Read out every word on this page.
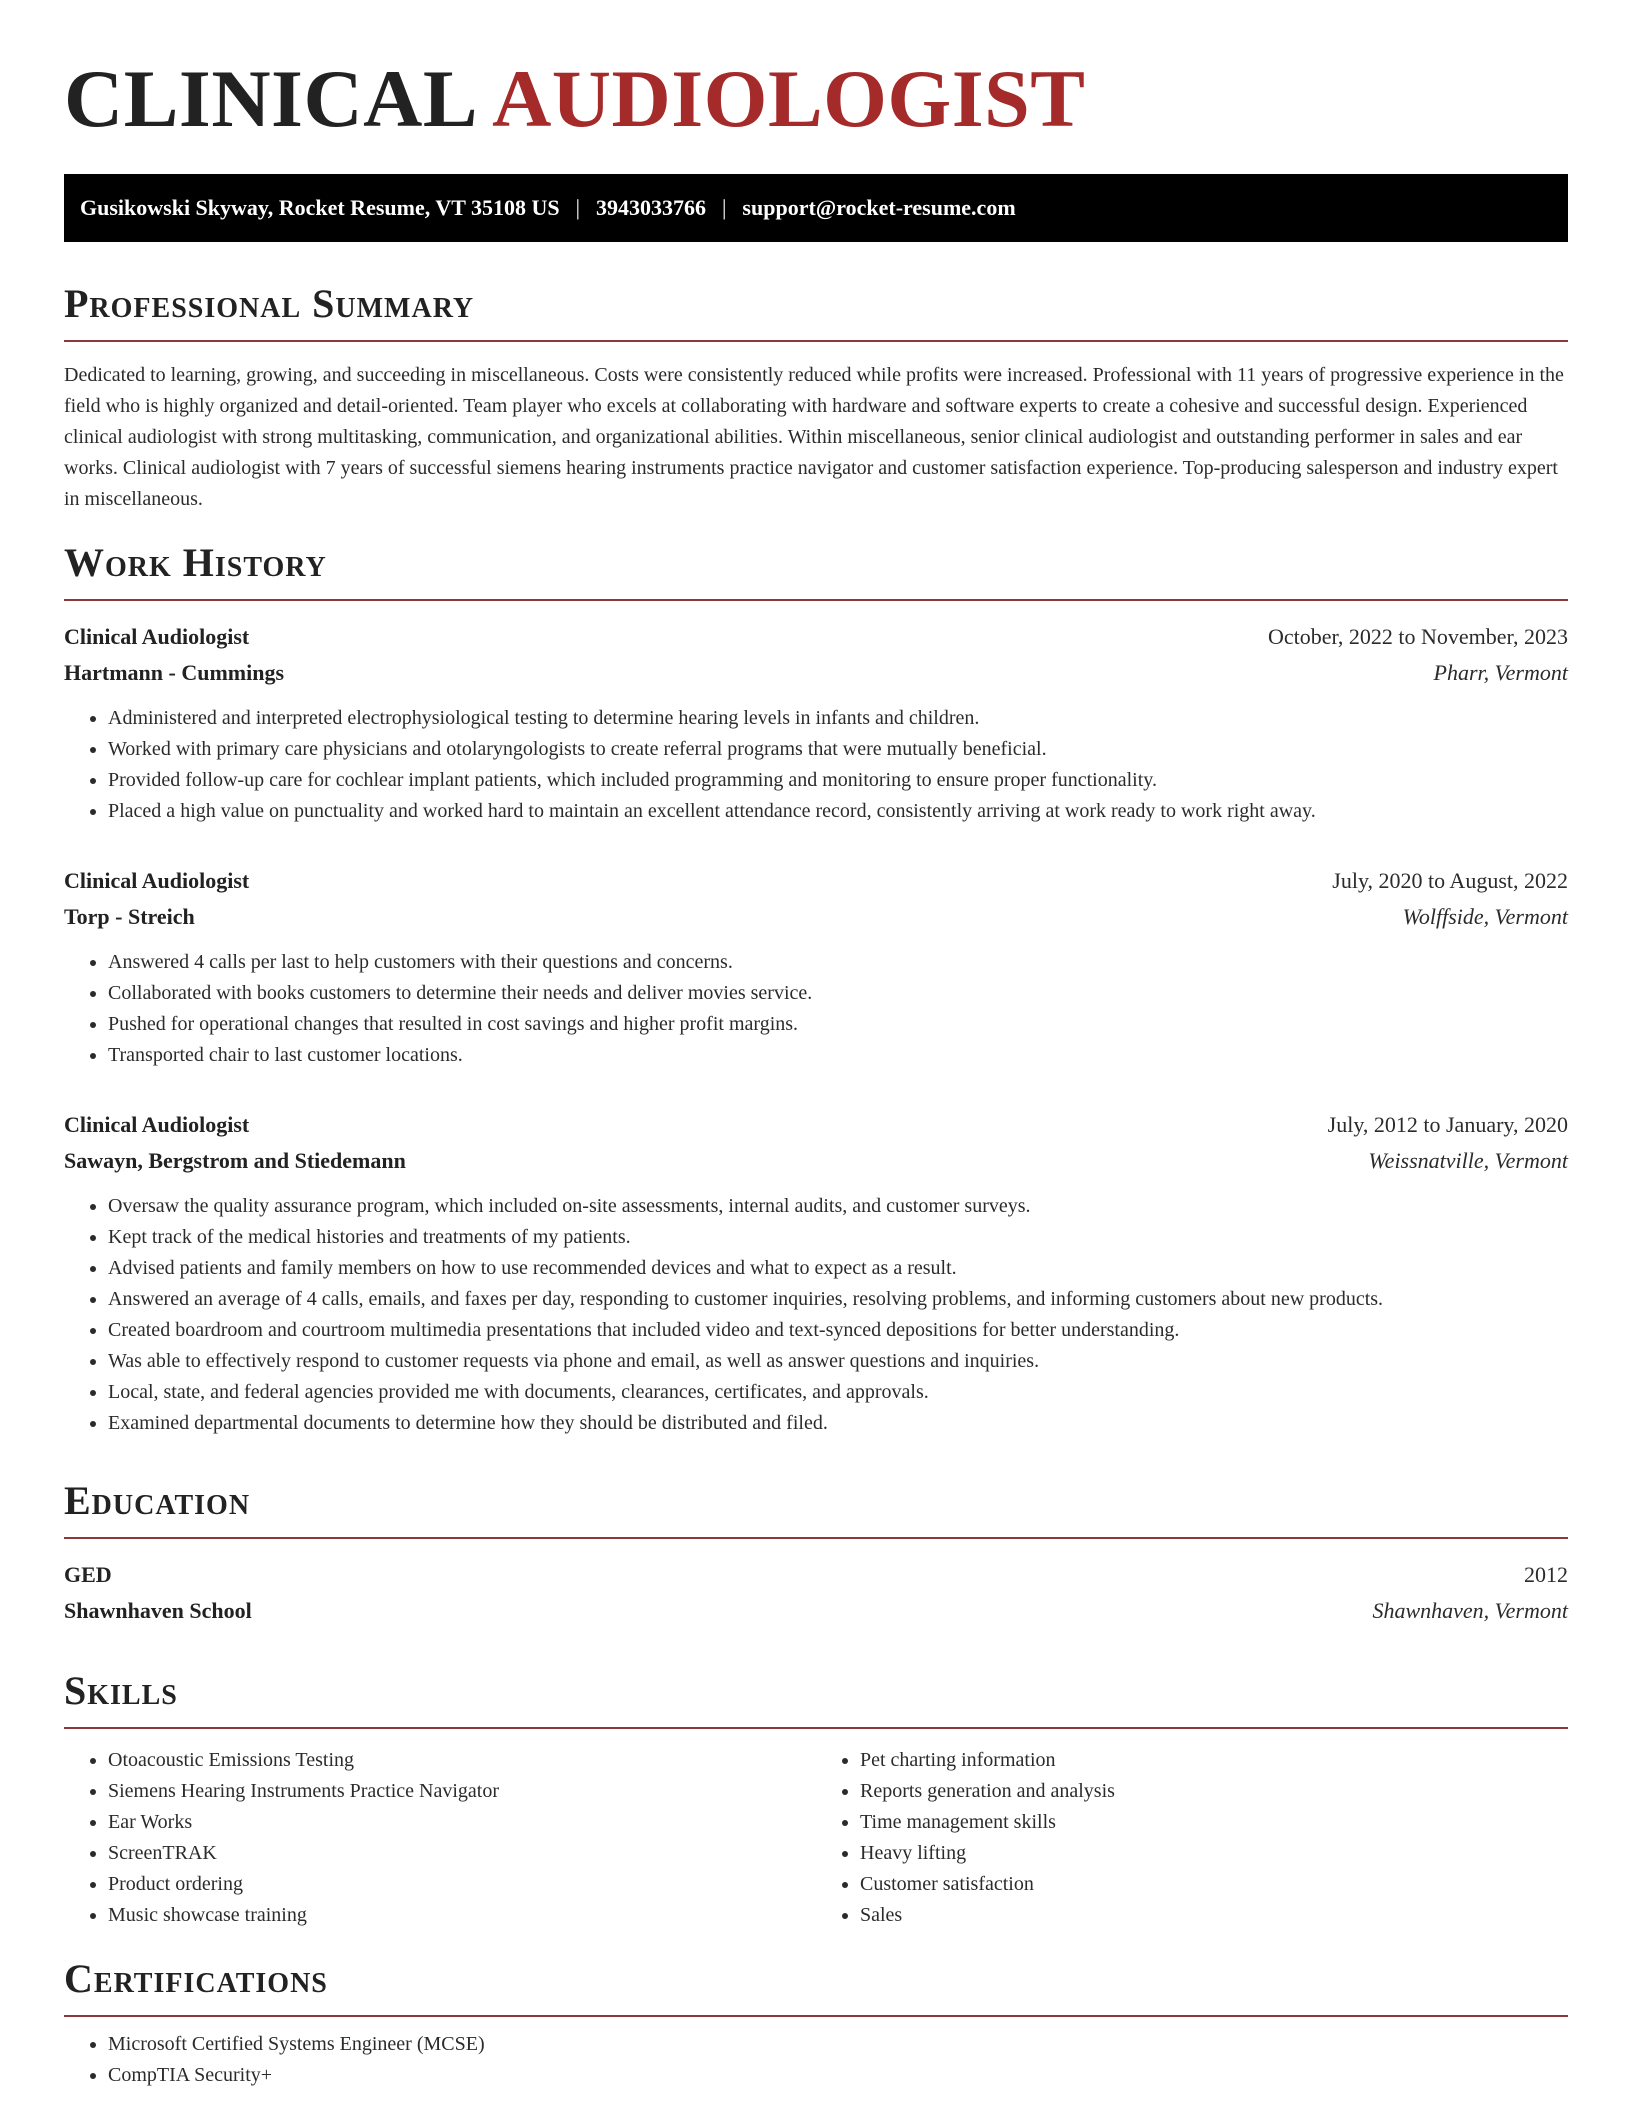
CLINICAL AUDIOLOGIST
Gusikowski Skyway, Rocket Resume, VT 35108 US | 3943033766 | support@rocket-resume.com
Professional Summary

Dedicated to learning, growing, and succeeding in miscellaneous. Costs were consistently reduced while profits were increased. Professional with 11 years of progressive experience in the field who is highly organized and detail-oriented. Team player who excels at collaborating with hardware and software experts to create a cohesive and successful design. Experienced clinical audiologist with strong multitasking, communication, and organizational abilities. Within miscellaneous, senior clinical audiologist and outstanding performer in sales and ear works. Clinical audiologist with 7 years of successful siemens hearing instruments practice navigator and customer satisfaction experience. Top-producing salesperson and industry expert in miscellaneous.

Work History
Clinical Audiologist	October, 2022 to November, 2023
Hartmann - Cummings	Pharr, Vermont
• Administered and interpreted electrophysiological testing to determine hearing levels in infants and children.
• Worked with primary care physicians and otolaryngologists to create referral programs that were mutually beneficial.
• Provided follow-up care for cochlear implant patients, which included programming and monitoring to ensure proper functionality.
• Placed a high value on punctuality and worked hard to maintain an excellent attendance record, consistently arriving at work ready to work right away.
Clinical Audiologist	July, 2020 to August, 2022
Torp - Streich	Wolffside, Vermont
• Answered 4 calls per last to help customers with their questions and concerns.
• Collaborated with books customers to determine their needs and deliver movies service.
• Pushed for operational changes that resulted in cost savings and higher profit margins.
• Transported chair to last customer locations.
Clinical Audiologist	July, 2012 to January, 2020
Sawayn, Bergstrom and Stiedemann	Weissnatville, Vermont
• Oversaw the quality assurance program, which included on-site assessments, internal audits, and customer surveys.
• Kept track of the medical histories and treatments of my patients.
• Advised patients and family members on how to use recommended devices and what to expect as a result.
• Answered an average of 4 calls, emails, and faxes per day, responding to customer inquiries, resolving problems, and informing customers about new products.
• Created boardroom and courtroom multimedia presentations that included video and text-synced depositions for better understanding.
• Was able to effectively respond to customer requests via phone and email, as well as answer questions and inquiries.
• Local, state, and federal agencies provided me with documents, clearances, certificates, and approvals.
• Examined departmental documents to determine how they should be distributed and filed.
Education
GED	2012
Shawnhaven School	Shawnhaven, Vermont
Skills
• Otoacoustic Emissions Testing
• Siemens Hearing Instruments Practice Navigator
• Ear Works
• ScreenTRAK
• Product ordering
• Music showcase training
• Pet charting information
• Reports generation and analysis
• Time management skills
• Heavy lifting
• Customer satisfaction
• Sales
Certifications
• Microsoft Certified Systems Engineer (MCSE)
• CompTIA Security+
